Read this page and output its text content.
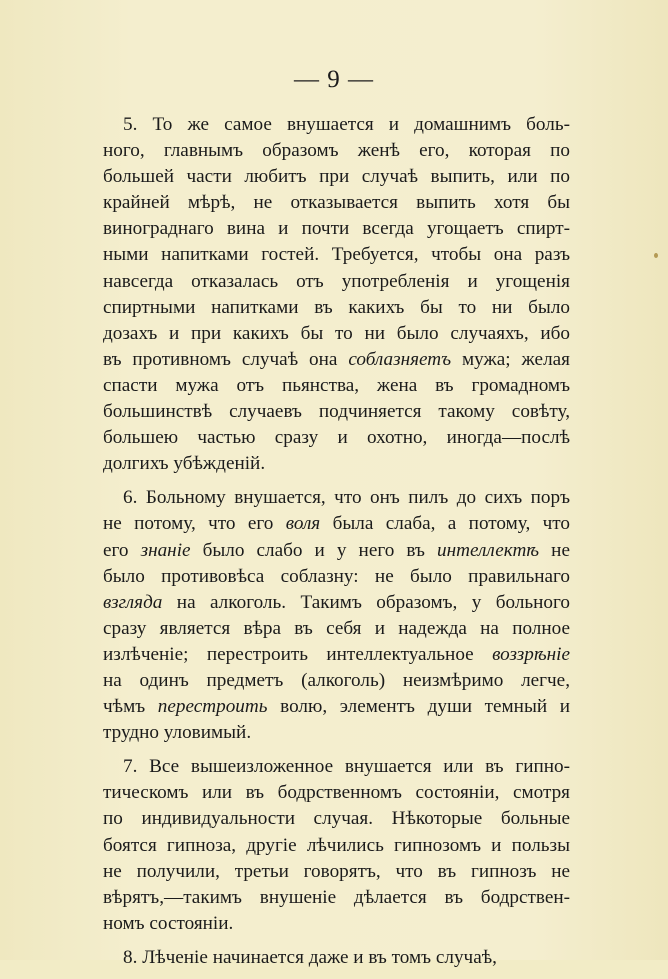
— 9 —
5. То же самое внушается и домашнимъ боль-
ного, главнымъ образомъ женѣ его, которая по
большей части любитъ при случаѣ выпить, или по
крайней мѣрѣ, не отказывается выпить хотя бы
винограднаго вина и почти всегда угощаетъ спирт-
ными напитками гостей. Требуется, чтобы она разъ
навсегда отказалась отъ употребленія и угощенія
спиртными напитками въ какихъ бы то ни было
дозахъ и при какихъ бы то ни было случаяхъ, ибо
въ противномъ случаѣ она соблазняетъ мужа; желая
спасти мужа отъ пьянства, жена въ громадномъ
большинствѣ случаевъ подчиняется такому совѣту,
большею частью сразу и охотно, иногда—послѣ
долгихъ убѣжденій.
6. Больному внушается, что онъ пилъ до сихъ поръ
не потому, что его воля была слаба, а потому, что
его знаніе было слабо и у него въ интеллектѣ не
было противовѣса соблазну: не было правильнаго
взгляда на алкоголь. Такимъ образомъ, у больного
сразу является вѣра въ себя и надежда на полное
излѣченіе; перестроить интеллектуальное воззрѣніе
на одинъ предметъ (алкоголь) неизмѣримо легче,
чѣмъ перестроить волю, элементъ души темный и
трудно уловимый.
7. Все вышеизложенное внушается или въ гипно-
тическомъ или въ бодрственномъ состояніи, смотря
по индивидуальности случая. Нѣкоторые больные
боятся гипноза, другіе лѣчились гипнозомъ и пользы
не получили, третьи говорятъ, что въ гипнозъ не
вѣрятъ,—такимъ внушеніе дѣлается въ бодрствен-
номъ состояніи.
8. Лѣченіе начинается даже и въ томъ случаѣ,
